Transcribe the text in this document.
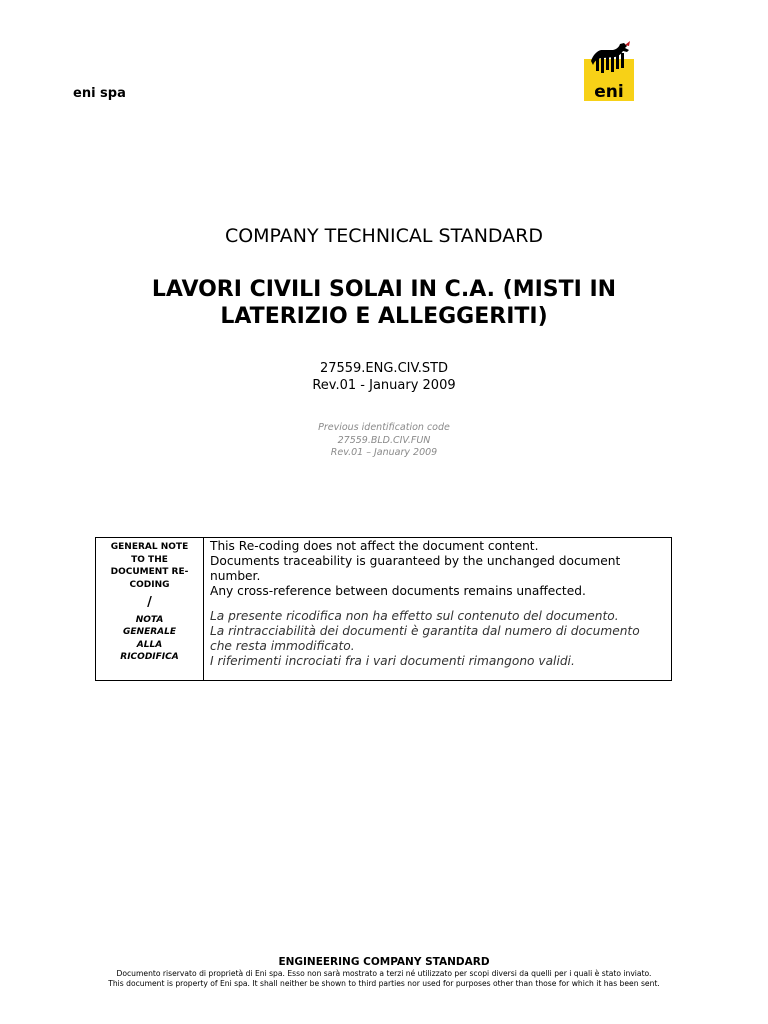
eni spa	eni
COMPANY TECHNICAL STANDARD
LAVORI CIVILI SOLAI IN C.A. (MISTI IN
LATERIZIO E ALLEGGERITI)
27559.ENG.CIV.STD
Rev.01 - January 2009
Previous identification code
27559.BLD.CIV.FUN
Rev.01 – January 2009
GENERAL NOTE
TO THE
DOCUMENT RE-
CODING
/
NOTA
GENERALE
ALLA
RICODIFICA

This Re-coding does not affect the document content.

Documents traceability is guaranteed by the unchanged document number.

Any cross-reference between documents remains unaffected.

La presente ricodifica non ha effetto sul contenuto del documento.

La rintracciabilità dei documenti è garantita dal numero di documento che resta immodificato.

I riferimenti incrociati fra i vari documenti rimangono validi.

ENGINEERING COMPANY STANDARD
Documento riservato di proprietà di Eni spa. Esso non sarà mostrato a terzi né utilizzato per scopi diversi da quelli per i quali è stato inviato.
This document is property of Eni spa. It shall neither be shown to third parties nor used for purposes other than those for which it has been sent.
